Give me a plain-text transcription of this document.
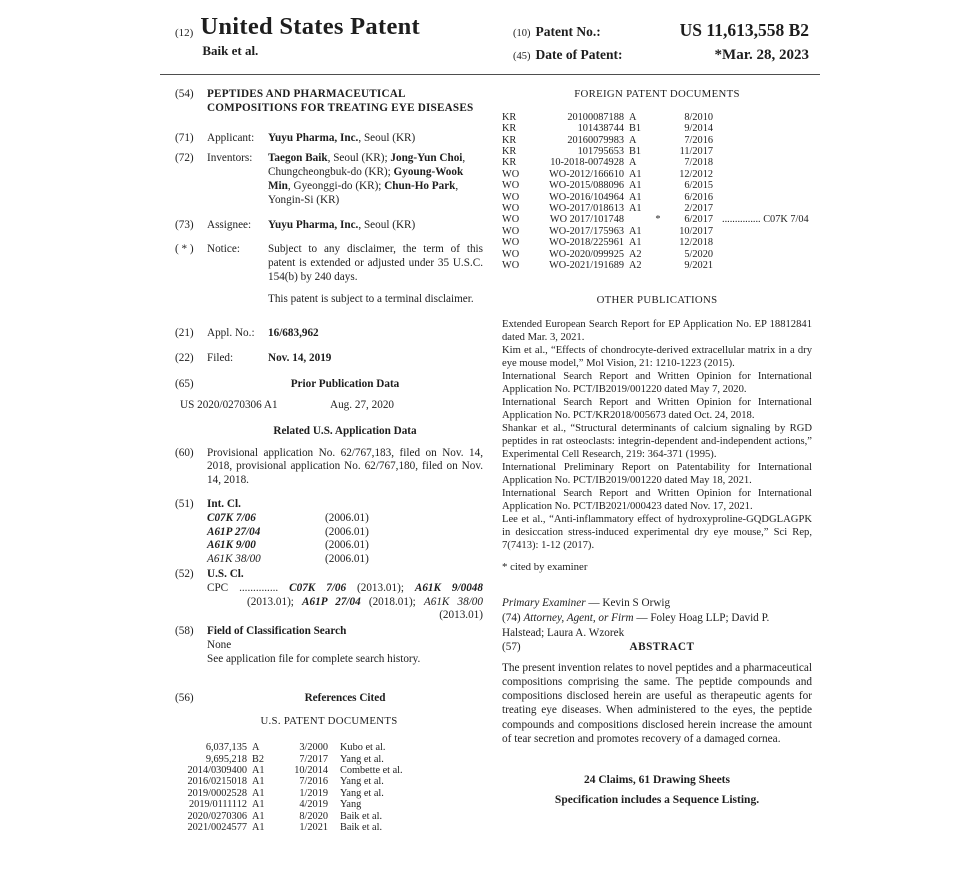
(12) United States Patent
Baik et al.
(10) Patent No.:	US 11,613,558 B2
(45) Date of Patent:	*Mar. 28, 2023
(54)	PEPTIDES AND PHARMACEUTICAL COMPOSITIONS FOR TREATING EYE DISEASES
(71)	Applicant:	Yuyu Pharma, Inc., Seoul (KR)
(72)	Inventors:	Taegon Baik, Seoul (KR); Jong-Yun Choi, Chungcheongbuk-do (KR); Gyoung-Wook Min, Gyeonggi-do (KR); Chun-Ho Park, Yongin-Si (KR)
(73)	Assignee:	Yuyu Pharma, Inc., Seoul (KR)
( * )	Notice:	Subject to any disclaimer, the term of this patent is extended or adjusted under 35 U.S.C. 154(b) by 240 days.
This patent is subject to a terminal disclaimer.
(21)	Appl. No.:	16/683,962
(22)	Filed:	Nov. 14, 2019
(65)	Prior Publication Data
US 2020/0270306 A1	Aug. 27, 2020
Related U.S. Application Data
(60)	Provisional application No. 62/767,183, filed on Nov. 14, 2018, provisional application No. 62/767,180, filed on Nov. 14, 2018.
(51)	Int. Cl.
C07K 7/06	(2006.01)
A61P 27/04	(2006.01)
A61K 9/00	(2006.01)
A61K 38/00	(2006.01)
(52)	U.S. Cl.
CPC .............. C07K 7/06 (2013.01); A61K 9/0048 (2013.01); A61P 27/04 (2018.01); A61K 38/00 (2013.01)
(58)	Field of Classification Search
None
See application file for complete search history.
(56)	References Cited
U.S. PATENT DOCUMENTS
6,037,135	A	3/2000	Kubo et al.
9,695,218	B2	7/2017	Yang et al.
2014/0309400	A1	10/2014	Combette et al.
2016/0215018	A1	7/2016	Yang et al.
2019/0002528	A1	1/2019	Yang et al.
2019/0111112	A1	4/2019	Yang
2020/0270306	A1	8/2020	Baik et al.
2021/0024577	A1	1/2021	Baik et al.
FOREIGN PATENT DOCUMENTS
KR	20100087188	A		8/2010	
KR	101438744	B1		9/2014	
KR	20160079983	A		7/2016	
KR	101795653	B1		11/2017	
KR	10-2018-0074928	A		7/2018	
WO	WO-2012/166610	A1		12/2012	
WO	WO-2015/088096	A1		6/2015	
WO	WO-2016/104964	A1		6/2016	
WO	WO-2017/018613	A1		2/2017	
WO	WO 2017/101748		*	6/2017	............... C07K 7/04
WO	WO-2017/175963	A1		10/2017	
WO	WO-2018/225961	A1		12/2018	
WO	WO-2020/099925	A2		5/2020	
WO	WO-2021/191689	A2		9/2021	
OTHER PUBLICATIONS

Extended European Search Report for EP Application No. EP 18812841 dated Mar. 3, 2021.

Kim et al., “Effects of chondrocyte-derived extracellular matrix in a dry eye mouse model,” Mol Vision, 21: 1210-1223 (2015).

International Search Report and Written Opinion for International Application No. PCT/IB2019/001220 dated May 7, 2020.

International Search Report and Written Opinion for International Application No. PCT/KR2018/005673 dated Oct. 24, 2018.

Shankar et al., “Structural determinants of calcium signaling by RGD peptides in rat osteoclasts: integrin-dependent and-independent actions,” Experimental Cell Research, 219: 364-371 (1995).

International Preliminary Report on Patentability for International Application No. PCT/IB2019/001220 dated May 18, 2021.

International Search Report and Written Opinion for International Application No. PCT/IB2021/000423 dated Nov. 17, 2021.

Lee et al., “Anti-inflammatory effect of hydroxyproline-GQDGLAGPK in desiccation stress-induced experimental dry eye mouse,” Sci Rep, 7(7413): 1-12 (2017).

* cited by examiner

Primary Examiner — Kevin S Orwig

(74) Attorney, Agent, or Firm — Foley Hoag LLP; David P. Halstead; Laura A. Wzorek

(57)	ABSTRACT
The present invention relates to novel peptides and a pharmaceutical compositions comprising the same. The peptide compounds and compositions disclosed herein are useful as therapeutic agents for treating eye diseases. When administered to the eyes, the peptide compounds and compositions disclosed herein increase the amount of tear secretion and promotes recovery of a damaged cornea.
24 Claims, 61 Drawing Sheets
Specification includes a Sequence Listing.
